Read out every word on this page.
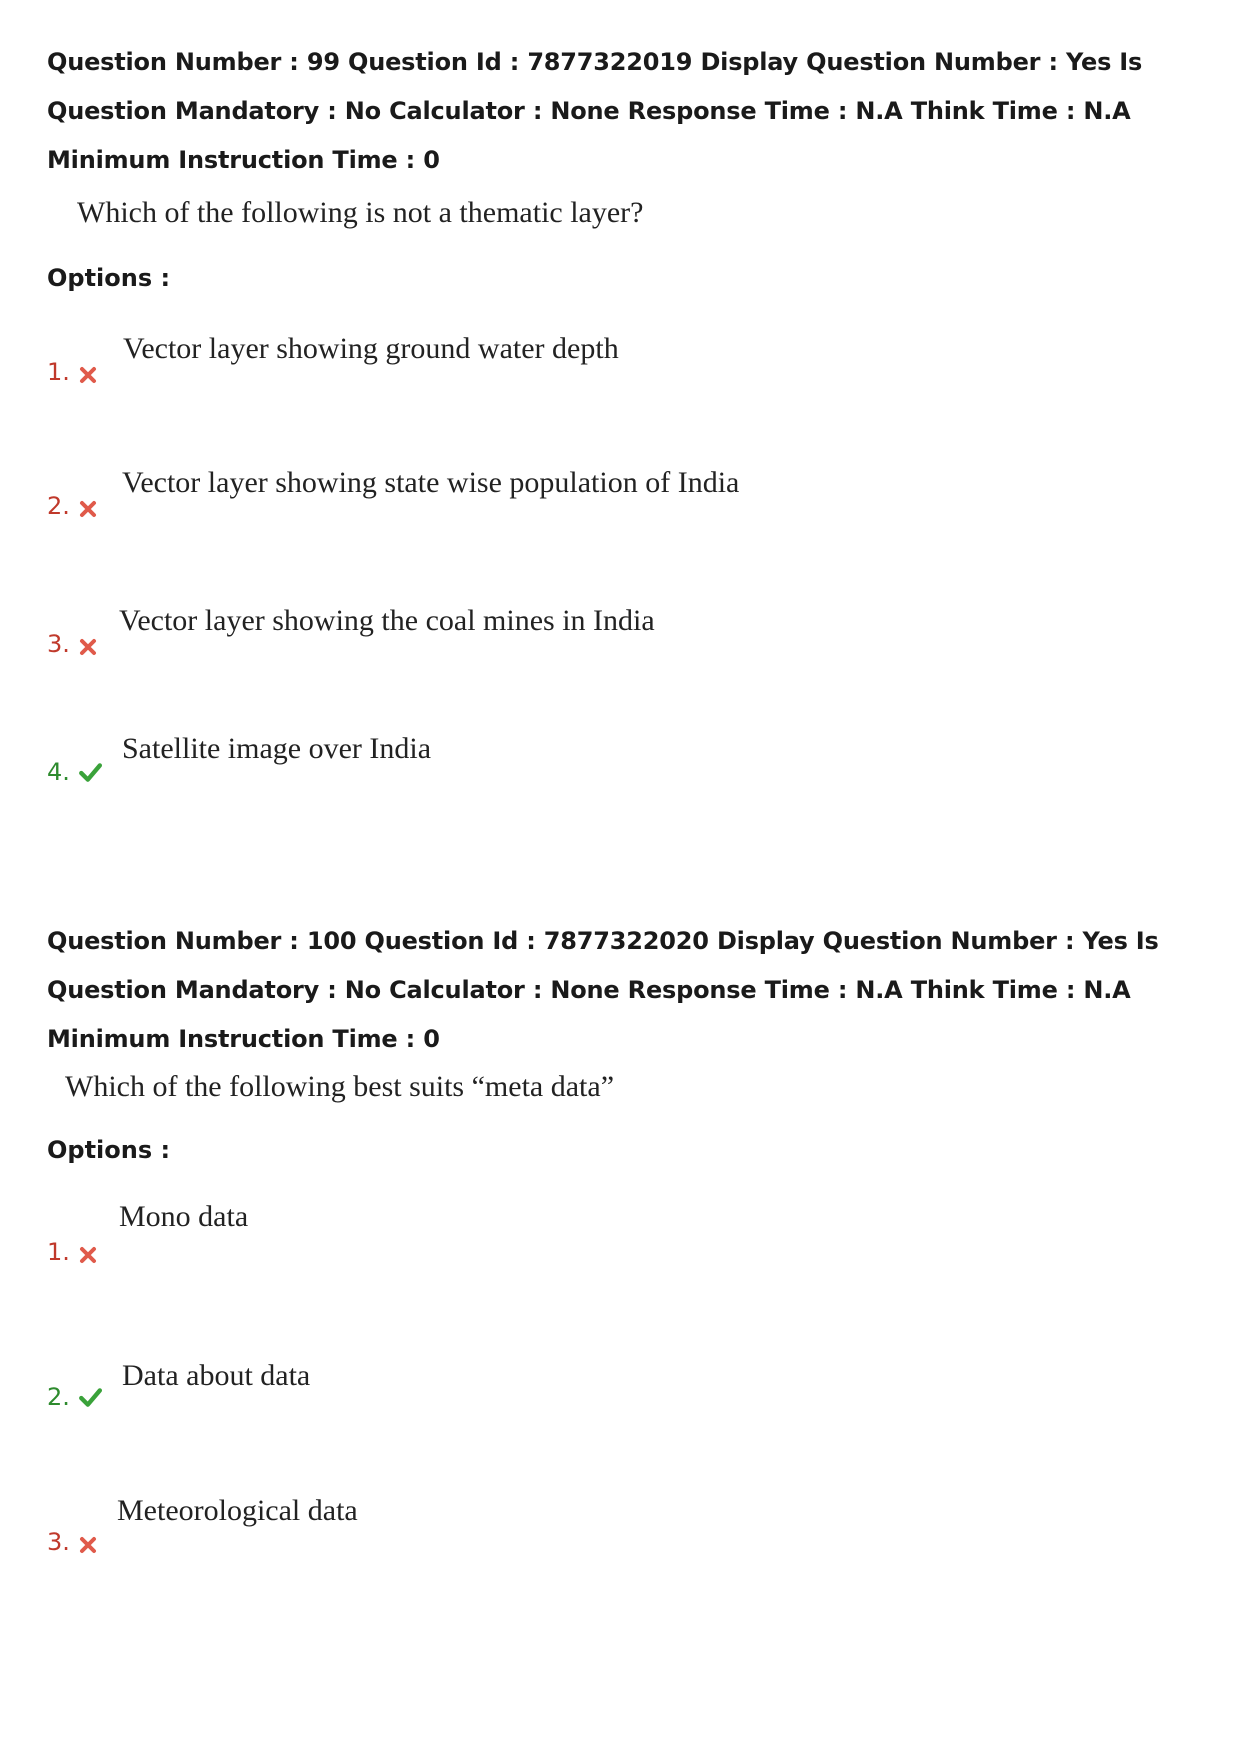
Question Number : 99 Question Id : 7877322019 Display Question Number : Yes Is Question Mandatory : No Calculator : None Response Time : N.A Think Time : N.A Minimum Instruction Time : 0

Which of the following is not a thematic layer?

Options :
1.
Vector layer showing ground water depth
2.
Vector layer showing state wise population of India
3.
Vector layer showing the coal mines in India
4.
Satellite image over India

Question Number : 100 Question Id : 7877322020 Display Question Number : Yes Is Question Mandatory : No Calculator : None Response Time : N.A Think Time : N.A Minimum Instruction Time : 0

Which of the following best suits “meta data”

Options :
1.
Mono data
2.
Data about data
3.
Meteorological data
